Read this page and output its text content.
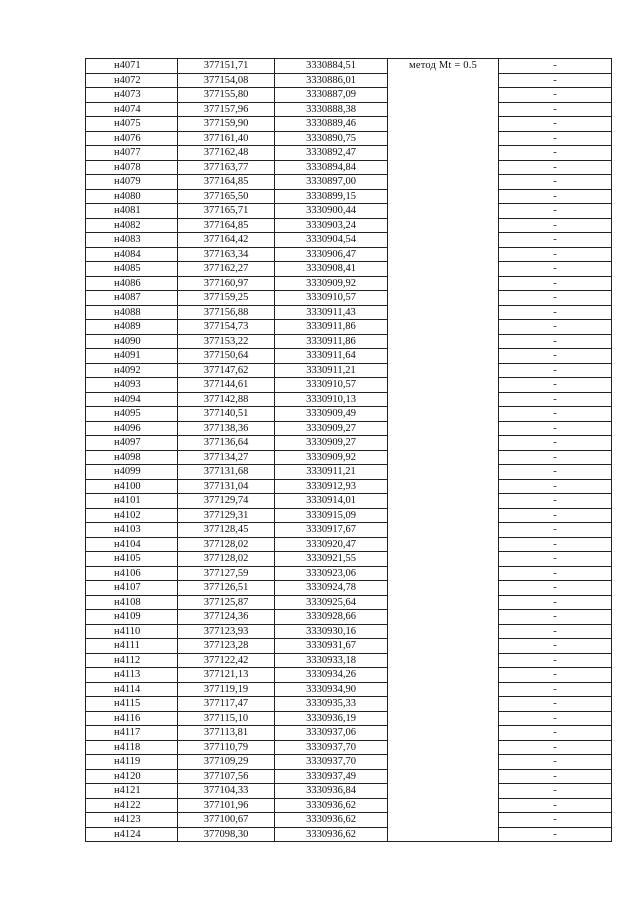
н4071	377151,71	3330884,51	метод Mt = 0.5	-
н4072	377154,08	3330886,01		-
н4073	377155,80	3330887,09		-
н4074	377157,96	3330888,38		-
н4075	377159,90	3330889,46		-
н4076	377161,40	3330890,75		-
н4077	377162,48	3330892,47		-
н4078	377163,77	3330894,84		-
н4079	377164,85	3330897,00		-
н4080	377165,50	3330899,15		-
н4081	377165,71	3330900,44		-
н4082	377164,85	3330903,24		-
н4083	377164,42	3330904,54		-
н4084	377163,34	3330906,47		-
н4085	377162,27	3330908,41		-
н4086	377160,97	3330909,92		-
н4087	377159,25	3330910,57		-
н4088	377156,88	3330911,43		-
н4089	377154,73	3330911,86		-
н4090	377153,22	3330911,86		-
н4091	377150,64	3330911,64		-
н4092	377147,62	3330911,21		-
н4093	377144,61	3330910,57		-
н4094	377142,88	3330910,13		-
н4095	377140,51	3330909,49		-
н4096	377138,36	3330909,27		-
н4097	377136,64	3330909,27		-
н4098	377134,27	3330909,92		-
н4099	377131,68	3330911,21		-
н4100	377131,04	3330912,93		-
н4101	377129,74	3330914,01		-
н4102	377129,31	3330915,09		-
н4103	377128,45	3330917,67		-
н4104	377128,02	3330920,47		-
н4105	377128,02	3330921,55		-
н4106	377127,59	3330923,06		-
н4107	377126,51	3330924,78		-
н4108	377125,87	3330925,64		-
н4109	377124,36	3330928,66		-
н4110	377123,93	3330930,16		-
н4111	377123,28	3330931,67		-
н4112	377122,42	3330933,18		-
н4113	377121,13	3330934,26		-
н4114	377119,19	3330934,90		-
н4115	377117,47	3330935,33		-
н4116	377115,10	3330936,19		-
н4117	377113,81	3330937,06		-
н4118	377110,79	3330937,70		-
н4119	377109,29	3330937,70		-
н4120	377107,56	3330937,49		-
н4121	377104,33	3330936,84		-
н4122	377101,96	3330936,62		-
н4123	377100,67	3330936,62		-
н4124	377098,30	3330936,62		-
